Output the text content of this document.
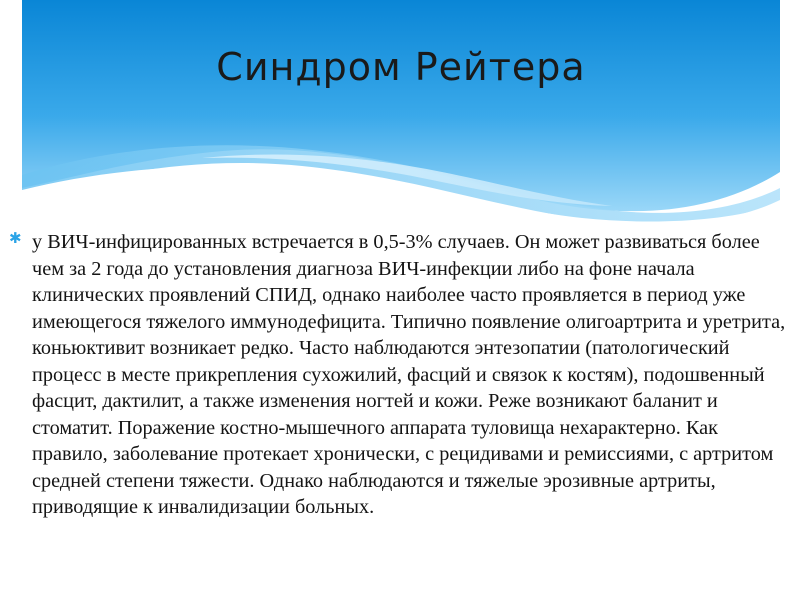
Синдром Рейтера
✱ у ВИЧ-инфицированных встречается в 0,5-3% случаев. Он может развиваться более чем за 2 года до установления диагноза ВИЧ-инфекции либо на фоне начала клинических проявлений СПИД, однако наиболее часто проявляется в период уже имеющегося тяжелого иммунодефицита. Типично появление олигоартрита и уретрита, коньюктивит возникает редко. Часто наблюдаются энтезопатии (патологический процесс в месте прикрепления сухожилий, фасций и связок к костям), подошвенный фасцит, дактилит, а также изменения ногтей и кожи. Реже возникают баланит и стоматит. Поражение костно-мышечного аппарата туловища нехарактерно. Как правило, заболевание протекает хронически, с рецидивами и ремиссиями, с артритом средней степени тяжести. Однако наблюдаются и тяжелые эрозивные артриты, приводящие к инвалидизации больных.
